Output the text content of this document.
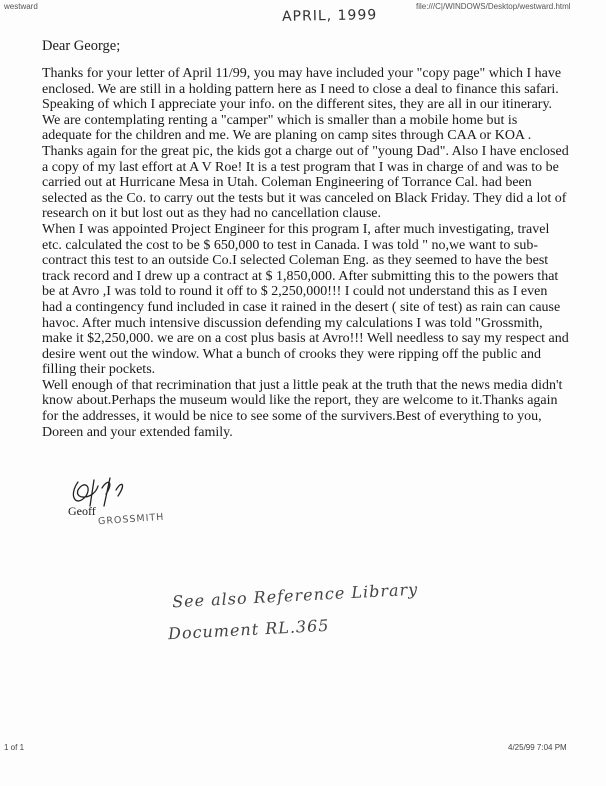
westward	file:///C|/WINDOWS/Desktop/westward.html
APRIL, 1999
Dear George;

Thanks for your letter of April 11/99, you may have included your "copy page" which I have enclosed. We are still in a holding pattern here as I need to close a deal to finance this safari. Speaking of which I appreciate your info. on the different sites, they are all in our itinerary. We are contemplating renting a "camper" which is smaller than a mobile home but is adequate for the children and me. We are planing on camp sites through CAA or KOA .

Thanks again for the great pic, the kids got a charge out of "young Dad". Also I have enclosed a copy of my last effort at A V Roe! It is a test program that I was in charge of and was to be carried out at Hurricane Mesa in Utah. Coleman Engineering of Torrance Cal. had been selected as the Co. to carry out the tests but it was canceled on Black Friday. They did a lot of research on it but lost out as they had no cancellation clause.

When I was appointed Project Engineer for this program I, after much investigating, travel etc. calculated the cost to be $ 650,000 to test in Canada. I was told " no,we want to sub-contract this test to an outside Co.I selected Coleman Eng. as they seemed to have the best track record and I drew up a contract at $ 1,850,000. After submitting this to the powers that be at Avro ,I was told to round it off to $ 2,250,000!!! I could not understand this as I even had a contingency fund included in case it rained in the desert ( site of test) as rain can cause havoc. After much intensive discussion defending my calculations I was told "Grossmith, make it $2,250,000. we are on a cost plus basis at Avro!!! Well needless to say my respect and desire went out the window. What a bunch of crooks they were ripping off the public and filling their pockets.

Well enough of that recrimination that just a little peak at the truth that the news media didn't know about.Perhaps the museum would like the report, they are welcome to it.Thanks again for the addresses, it would be nice to see some of the survivers.Best of everything to you, Doreen and your extended family.

Geoff
GROSSMITH
See also Reference Library
Document RL.365
1 of 1	4/25/99 7:04 PM
